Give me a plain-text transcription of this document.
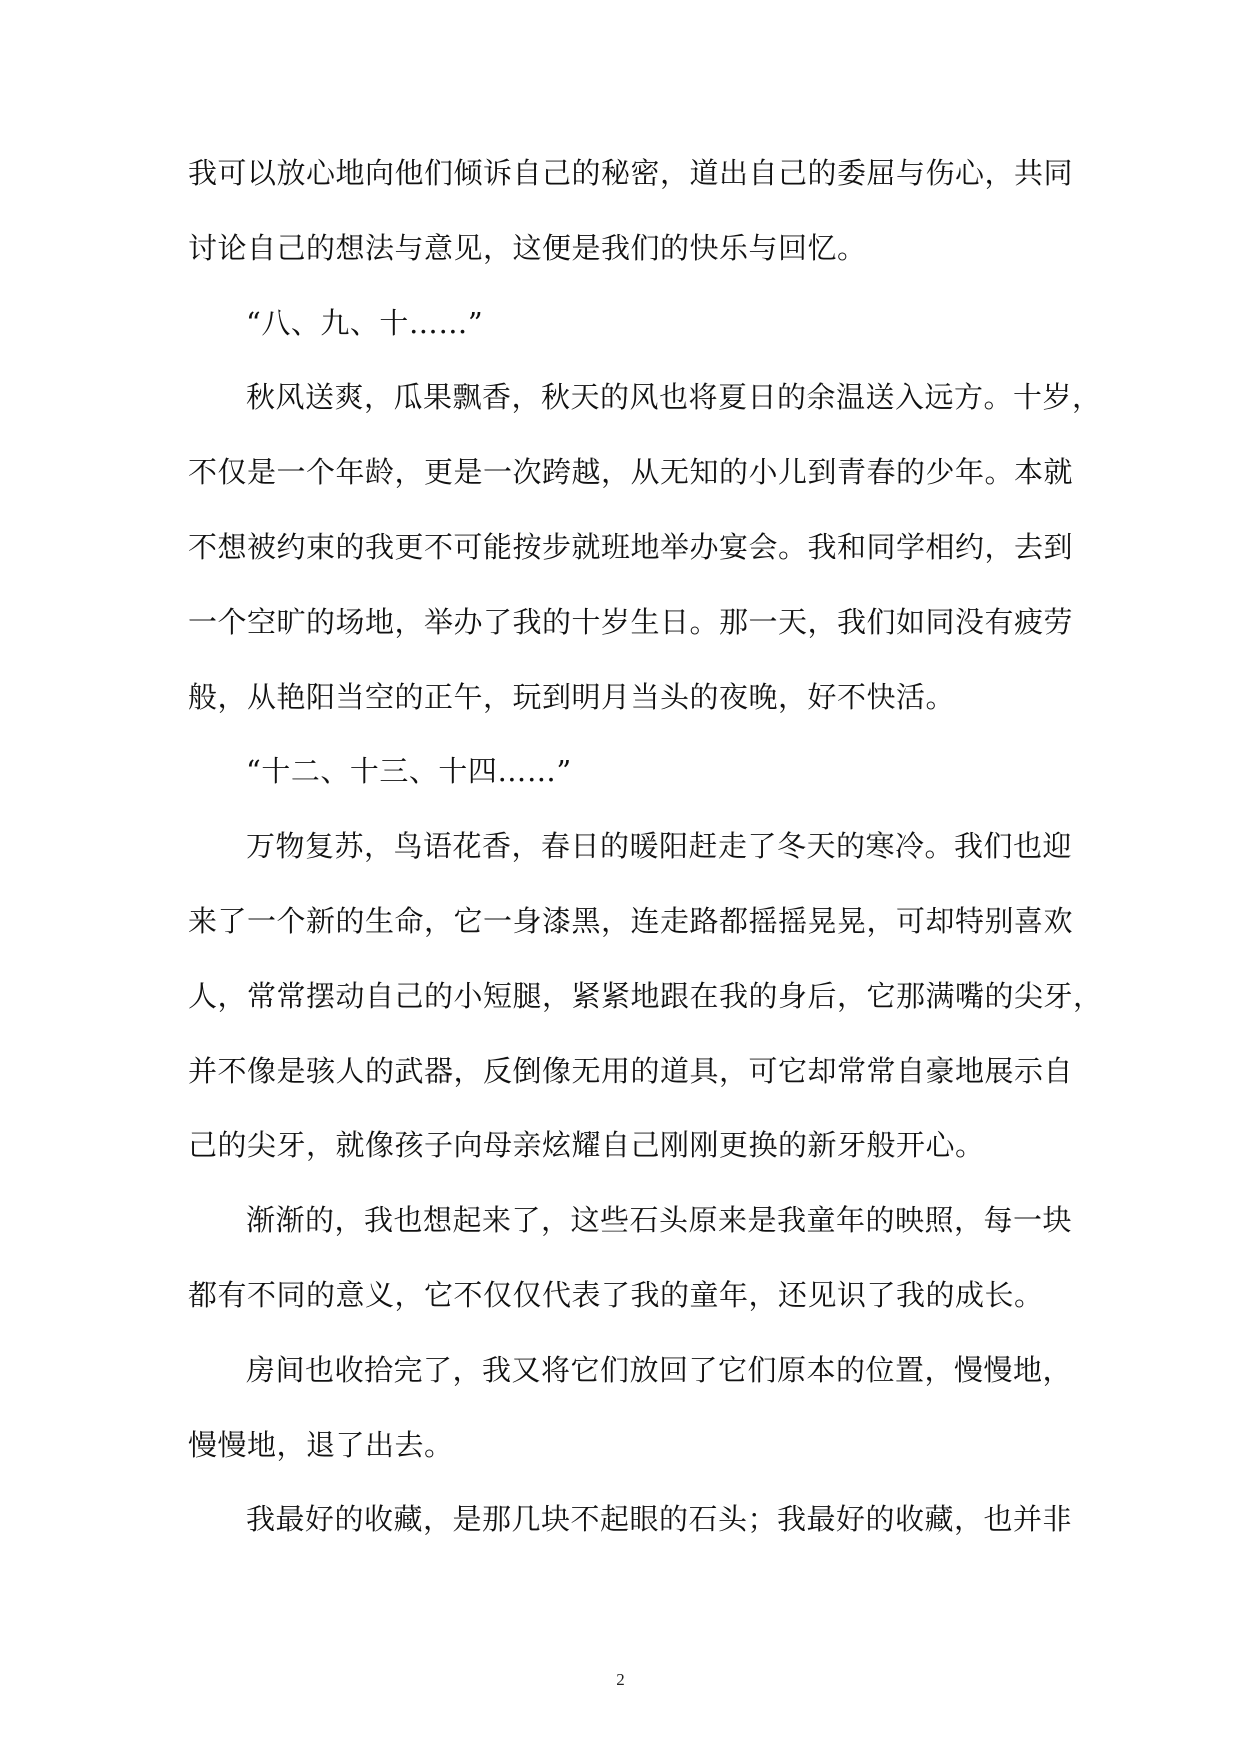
我可以放心地向他们倾诉自己的秘密，道出自己的委屈与伤心，共同
讨论自己的想法与意见，这便是我们的快乐与回忆。
“八、九、十……”
秋风送爽，瓜果飘香，秋天的风也将夏日的余温送入远方。十岁，
不仅是一个年龄，更是一次跨越，从无知的小儿到青春的少年。本就
不想被约束的我更不可能按步就班地举办宴会。我和同学相约，去到
一个空旷的场地，举办了我的十岁生日。那一天，我们如同没有疲劳
般，从艳阳当空的正午，玩到明月当头的夜晚，好不快活。
“十二、十三、十四……”
万物复苏，鸟语花香，春日的暖阳赶走了冬天的寒冷。我们也迎
来了一个新的生命，它一身漆黑，连走路都摇摇晃晃，可却特别喜欢
人，常常摆动自己的小短腿，紧紧地跟在我的身后，它那满嘴的尖牙，
并不像是骇人的武器，反倒像无用的道具，可它却常常自豪地展示自
己的尖牙，就像孩子向母亲炫耀自己刚刚更换的新牙般开心。
渐渐的，我也想起来了，这些石头原来是我童年的映照，每一块
都有不同的意义，它不仅仅代表了我的童年，还见识了我的成长。
房间也收拾完了，我又将它们放回了它们原本的位置，慢慢地，
慢慢地，退了出去。
我最好的收藏，是那几块不起眼的石头；我最好的收藏，也并非
2
